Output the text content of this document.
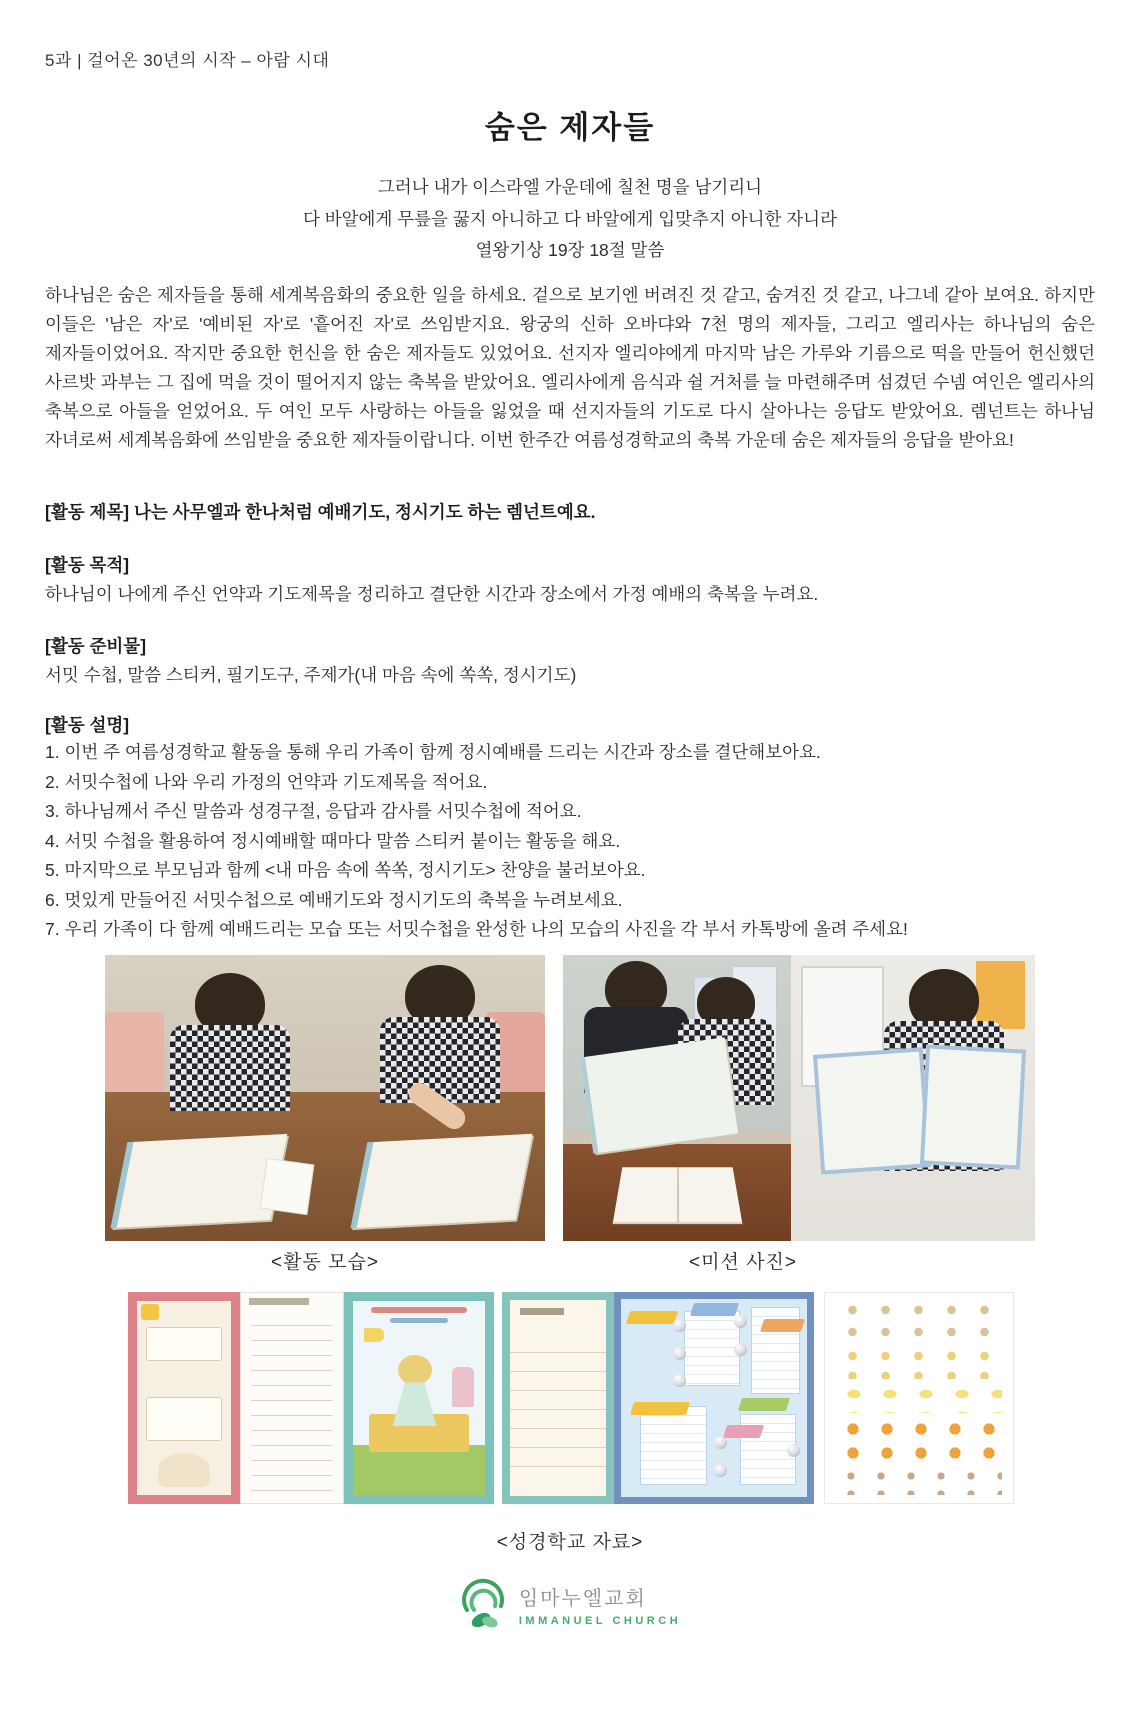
5과 | 걸어온 30년의 시작 – 아람 시대
숨은 제자들
그러나 내가 이스라엘 가운데에 칠천 명을 남기리니
다 바알에게 무릎을 꿇지 아니하고 다 바알에게 입맞추지 아니한 자니라
열왕기상 19장 18절 말씀
하나님은 숨은 제자들을 통해 세계복음화의 중요한 일을 하세요. 겉으로 보기엔 버려진 것 같고, 숨겨진 것 같고, 나그네 같아 보여요. 하지만 이들은 '남은 자'로 '예비된 자'로 '흩어진 자'로 쓰임받지요. 왕궁의 신하 오바댜와 7천 명의 제자들, 그리고 엘리사는 하나님의 숨은 제자들이었어요. 작지만 중요한 헌신을 한 숨은 제자들도 있었어요. 선지자 엘리야에게 마지막 남은 가루와 기름으로 떡을 만들어 헌신했던 사르밧 과부는 그 집에 먹을 것이 떨어지지 않는 축복을 받았어요. 엘리사에게 음식과 쉴 거처를 늘 마련해주며 섬겼던 수넴 여인은 엘리사의 축복으로 아들을 얻었어요. 두 여인 모두 사랑하는 아들을 잃었을 때 선지자들의 기도로 다시 살아나는 응답도 받았어요. 렘넌트는 하나님 자녀로써 세계복음화에 쓰임받을 중요한 제자들이랍니다. 이번 한주간 여름성경학교의 축복 가운데 숨은 제자들의 응답을 받아요!
[활동 제목] 나는 사무엘과 한나처럼 예배기도, 정시기도 하는 렘넌트예요.
[활동 목적]
하나님이 나에게 주신 언약과 기도제목을 정리하고 결단한 시간과 장소에서 가정 예배의 축복을 누려요.
[활동 준비물]
서밋 수첩, 말씀 스티커, 필기도구, 주제가(내 마음 속에 쏙쏙, 정시기도)
[활동 설명]
1. 이번 주 여름성경학교 활동을 통해 우리 가족이 함께 정시예배를 드리는 시간과 장소를 결단해보아요.
2. 서밋수첩에 나와 우리 가정의 언약과 기도제목을 적어요.
3. 하나님께서 주신 말씀과 성경구절, 응답과 감사를 서밋수첩에 적어요.
4. 서밋 수첩을 활용하여 정시예배할 때마다 말씀 스티커 붙이는 활동을 해요.
5. 마지막으로 부모님과 함께 <내 마음 속에 쏙쏙, 정시기도> 찬양을 불러보아요.
6. 멋있게 만들어진 서밋수첩으로 예배기도와 정시기도의 축복을 누려보세요.
7. 우리 가족이 다 함께 예배드리는 모습 또는 서밋수첩을 완성한 나의 모습의 사진을 각 부서 카톡방에 올려 주세요!
<활동 모습>	<미션 사진>
<성경학교 자료>
임마누엘교회
IMMANUEL CHURCH
